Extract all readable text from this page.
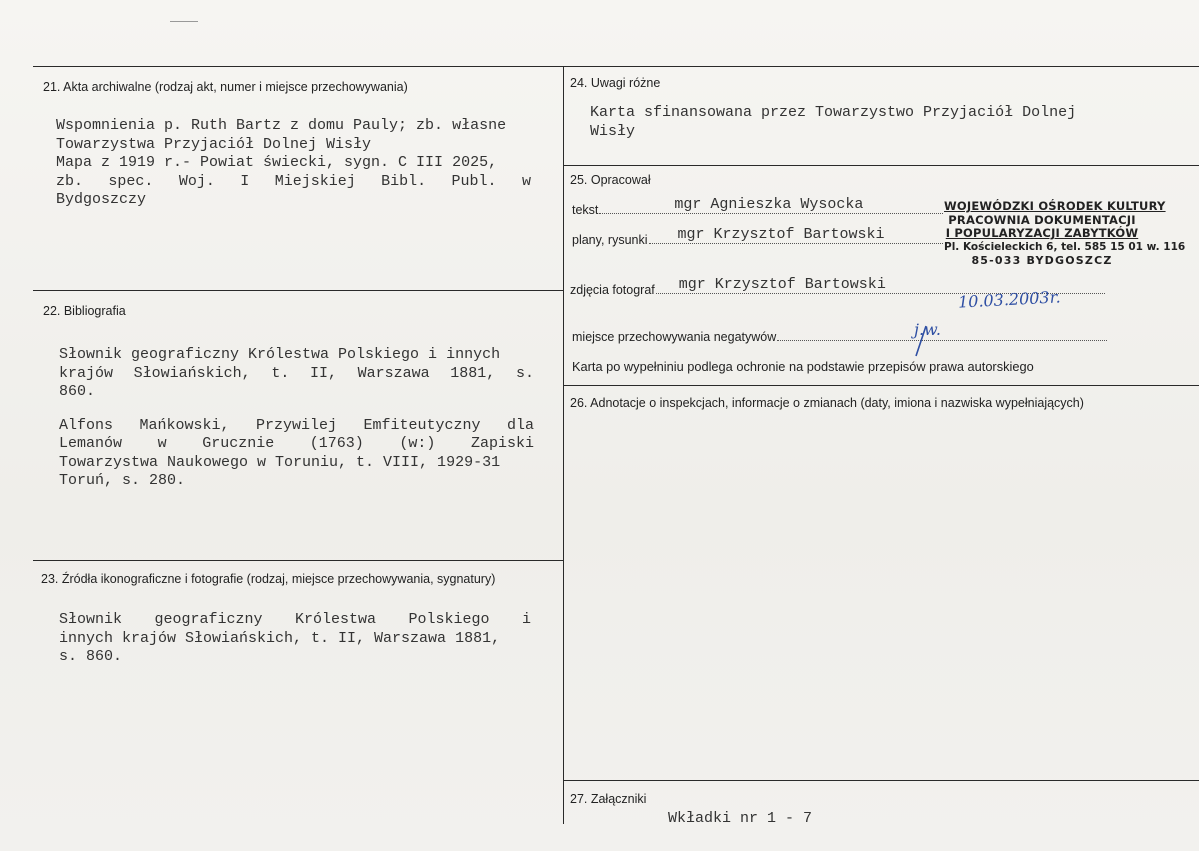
21. Akta archiwalne (rodzaj akt, numer i miejsce przechowywania)
Wspomnienia p. Ruth Bartz z domu Pauly; zb. własne
Towarzystwa Przyjaciół Dolnej Wisły
Mapa z 1919 r.- Powiat świecki, sygn. C III 2025,
zb. spec. Woj. I Miejskiej Bibl. Publ. w
Bydgoszczy
22. Bibliografia
Słownik geograficzny Królestwa Polskiego i innych
krajów Słowiańskich, t. II, Warszawa 1881, s.
860.
Alfons Mańkowski, Przywilej Emfiteutyczny dla
Lemanów w Grucznie (1763) (w:) Zapiski
Towarzystwa Naukowego w Toruniu, t. VIII, 1929-31
Toruń, s. 280.
23. Źródła ikonograficzne i fotografie (rodzaj, miejsce przechowywania, sygnatury)
Słownik geograficzny Królestwa Polskiego i
innych krajów Słowiańskich, t. II, Warszawa 1881,
s. 860.
24. Uwagi różne
Karta sfinansowana przez Towarzystwo Przyjaciół Dolnej
Wisły
25. Opracował
tekst	mgr Agnieszka Wysocka
plany, rysunki mgr Krzysztof Bartowski
WOJEWÓDZKI OŚRODEK KULTURY
PRACOWNIA DOKUMENTACJI
I POPULARYZACJI ZABYTKÓW
Pl. Kościeleckich 6, tel. 585 15 01 w. 116
85-033 BYDGOSZCZ
zdjęcia fotograf mgr Krzysztof Bartowski
10.03.2003r.
miejsce przechowywania negatywów	j.w.
Karta po wypełniniu podlega ochronie na podstawie przepisów prawa autorskiego
26. Adnotacje o inspekcjach, informacje o zmianach (daty, imiona i nazwiska wypełniających)
27. Załączniki
Wkładki nr 1 - 7
